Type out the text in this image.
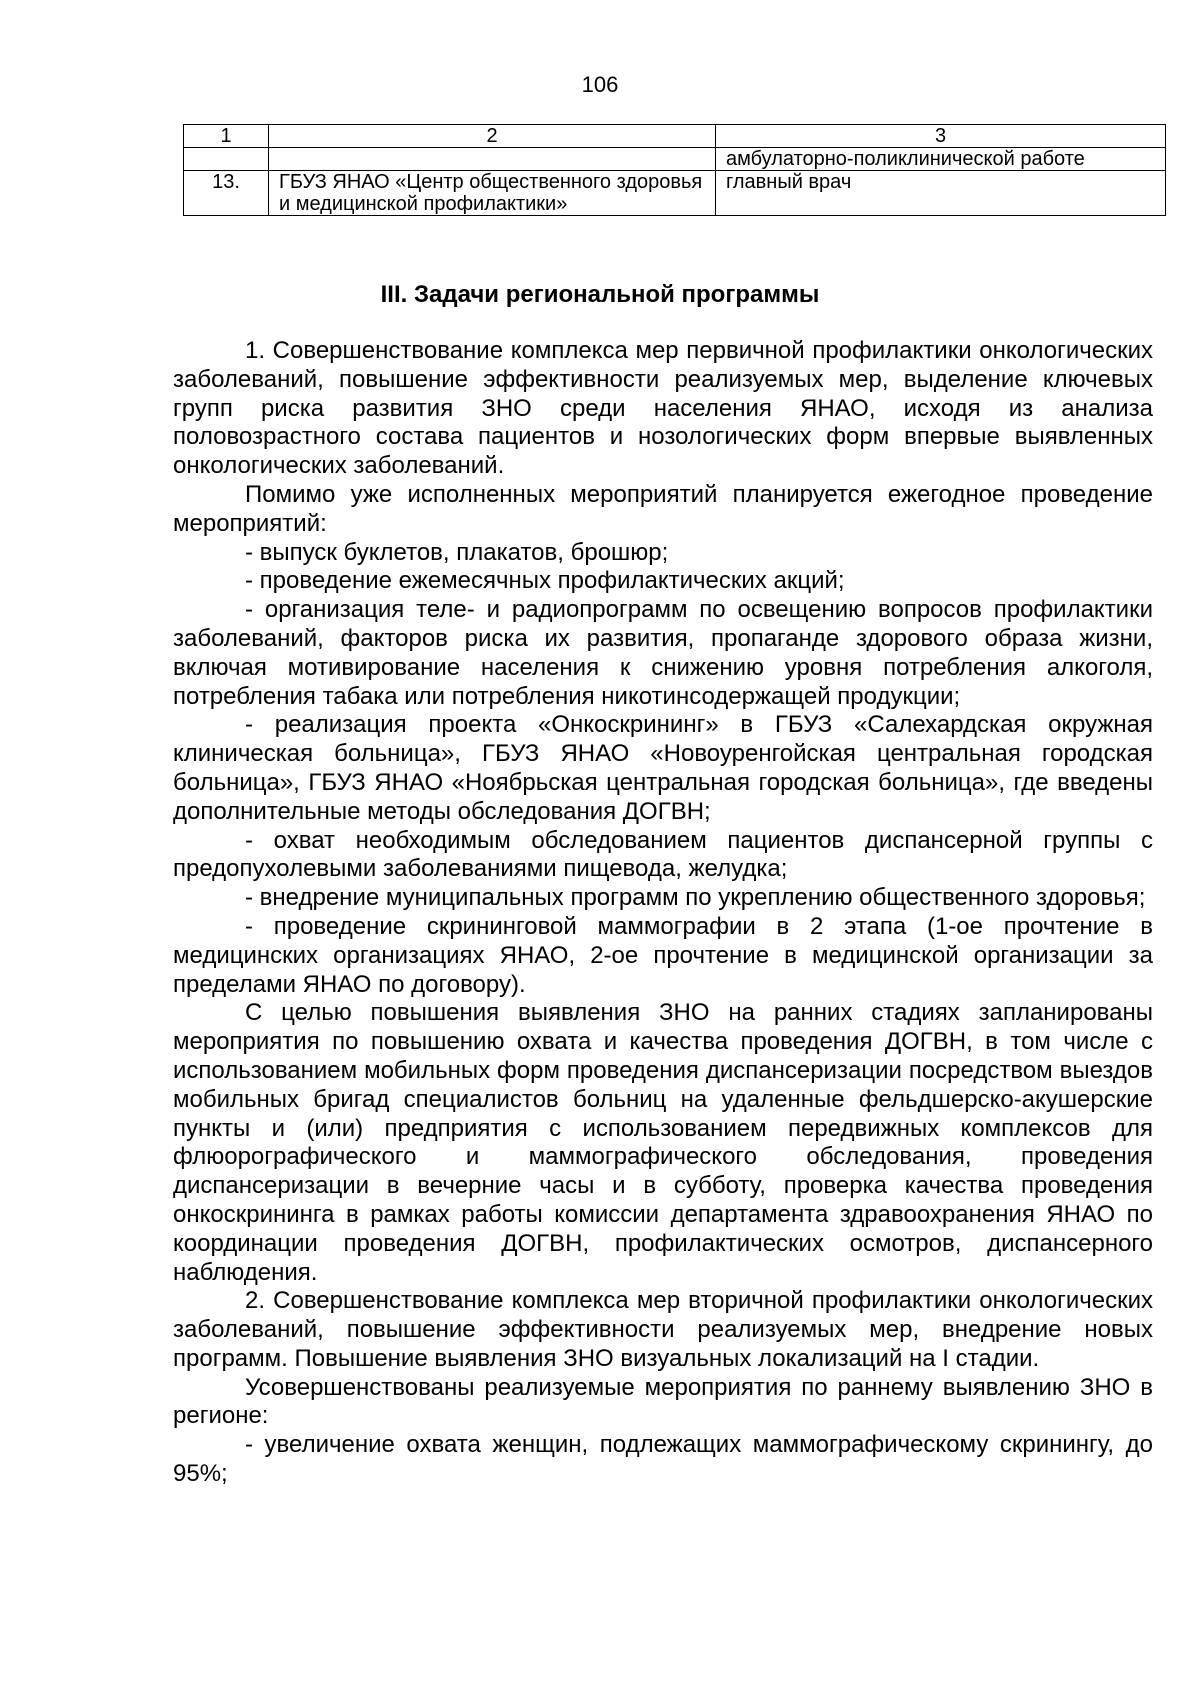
106
1	2	3
		амбулаторно-поликлинической работе
13.	ГБУЗ ЯНАО «Центр общественного здоровья и медицинской профилактики»	главный врач
III. Задачи региональной программы

1. Совершенствование комплекса мер первичной профилактики онкологических заболеваний, повышение эффективности реализуемых мер, выделение ключевых групп риска развития ЗНО среди населения ЯНАО, исходя из анализа половозрастного состава пациентов и нозологических форм впервые выявленных онкологических заболеваний.

Помимо уже исполненных мероприятий планируется ежегодное проведение мероприятий:

- выпуск буклетов, плакатов, брошюр;

- проведение ежемесячных профилактических акций;

- организация теле- и радиопрограмм по освещению вопросов профилактики заболеваний, факторов риска их развития, пропаганде здорового образа жизни, включая мотивирование населения к снижению уровня потребления алкоголя, потребления табака или потребления никотинсодержащей продукции;

- реализация проекта «Онкоскрининг» в ГБУЗ «Салехардская окружная клиническая больница», ГБУЗ ЯНАО «Новоуренгойская центральная городская больница», ГБУЗ ЯНАО «Ноябрьская центральная городская больница», где введены дополнительные методы обследования ДОГВН;

- охват необходимым обследованием пациентов диспансерной группы с предопухолевыми заболеваниями пищевода, желудка;

- внедрение муниципальных программ по укреплению общественного здоровья;

- проведение скрининговой маммографии в 2 этапа (1-ое прочтение в медицинских организациях ЯНАО, 2-ое прочтение в медицинской организации за пределами ЯНАО по договору).

С целью повышения выявления ЗНО на ранних стадиях запланированы мероприятия по повышению охвата и качества проведения ДОГВН, в том числе с использованием мобильных форм проведения диспансеризации посредством выездов мобильных бригад специалистов больниц на удаленные фельдшерско-акушерские пункты и (или) предприятия с использованием передвижных комплексов для флюорографического и маммографического обследования, проведения диспансеризации в вечерние часы и в субботу, проверка качества проведения онкоскрининга в рамках работы комиссии департамента здравоохранения ЯНАО по координации проведения ДОГВН, профилактических осмотров, диспансерного наблюдения.

2. Совершенствование комплекса мер вторичной профилактики онкологических заболеваний, повышение эффективности реализуемых мер, внедрение новых программ. Повышение выявления ЗНО визуальных локализаций на I стадии.

Усовершенствованы реализуемые мероприятия по раннему выявлению ЗНО в регионе:

- увеличение охвата женщин, подлежащих маммографическому скринингу, до 95%;
